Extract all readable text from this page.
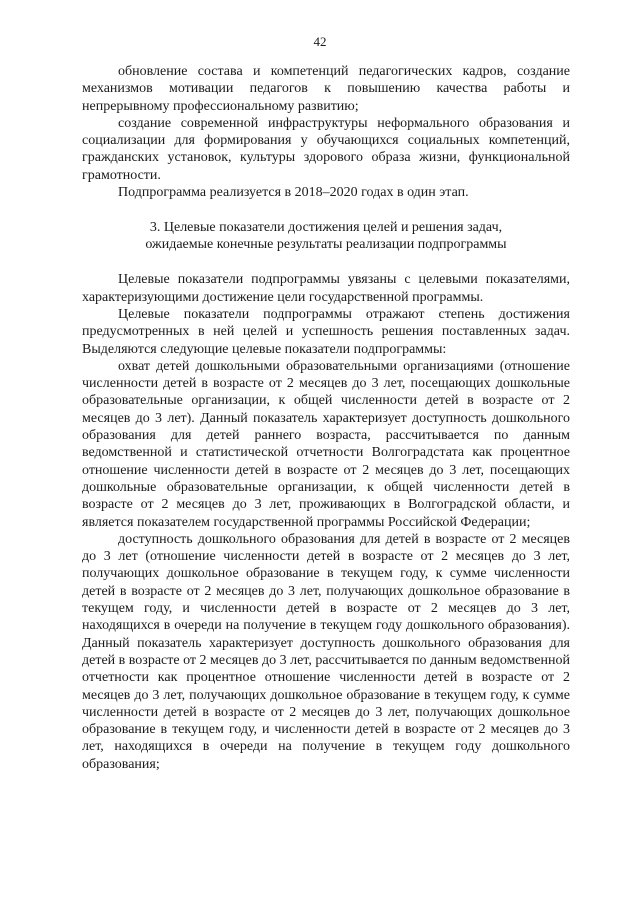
42

обновление состава и компетенций педагогических кадров, создание механизмов мотивации педагогов к повышению качества работы и непрерывному профессиональному развитию;

создание современной инфраструктуры неформального образования и социализации для формирования у обучающихся социальных компетенций, гражданских установок, культуры здорового образа жизни, функциональной грамотности.

Подпрограмма реализуется в 2018–2020 годах в один этап.

3. Целевые показатели достижения целей и решения задач,
ожидаемые конечные результаты реализации подпрограммы

Целевые показатели подпрограммы увязаны с целевыми показателями, характеризующими достижение цели государственной программы.

Целевые показатели подпрограммы отражают степень достижения предусмотренных в ней целей и успешность решения поставленных задач. Выделяются следующие целевые показатели подпрограммы:

охват детей дошкольными образовательными организациями (отношение численности детей в возрасте от 2 месяцев до 3 лет, посещающих дошкольные образовательные организации, к общей численности детей в возрасте от 2 месяцев до 3 лет). Данный показатель характеризует доступность дошкольного образования для детей раннего возраста, рассчитывается по данным ведомственной и статистической отчетности Волгоградстата как процентное отношение численности детей в возрасте от 2 месяцев до 3 лет, посещающих дошкольные образовательные организации, к общей численности детей в возрасте от 2 месяцев до 3 лет, проживающих в Волгоградской области, и является показателем государственной программы Российской Федерации;

доступность дошкольного образования для детей в возрасте от 2 месяцев до 3 лет (отношение численности детей в возрасте от 2 месяцев до 3 лет, получающих дошкольное образование в текущем году, к сумме численности детей в возрасте от 2 месяцев до 3 лет, получающих дошкольное образование в текущем году, и численности детей в возрасте от 2 месяцев до 3 лет, находящихся в очереди на получение в текущем году дошкольного образования). Данный показатель характеризует доступность дошкольного образования для детей в возрасте от 2 месяцев до 3 лет, рассчитывается по данным ведомственной отчетности как процентное отношение численности детей в возрасте от 2 месяцев до 3 лет, получающих дошкольное образование в текущем году, к сумме численности детей в возрасте от 2 месяцев до 3 лет, получающих дошкольное образование в текущем году, и численности детей в возрасте от 2 месяцев до 3 лет, находящихся в очереди на получение в текущем году дошкольного образования;
